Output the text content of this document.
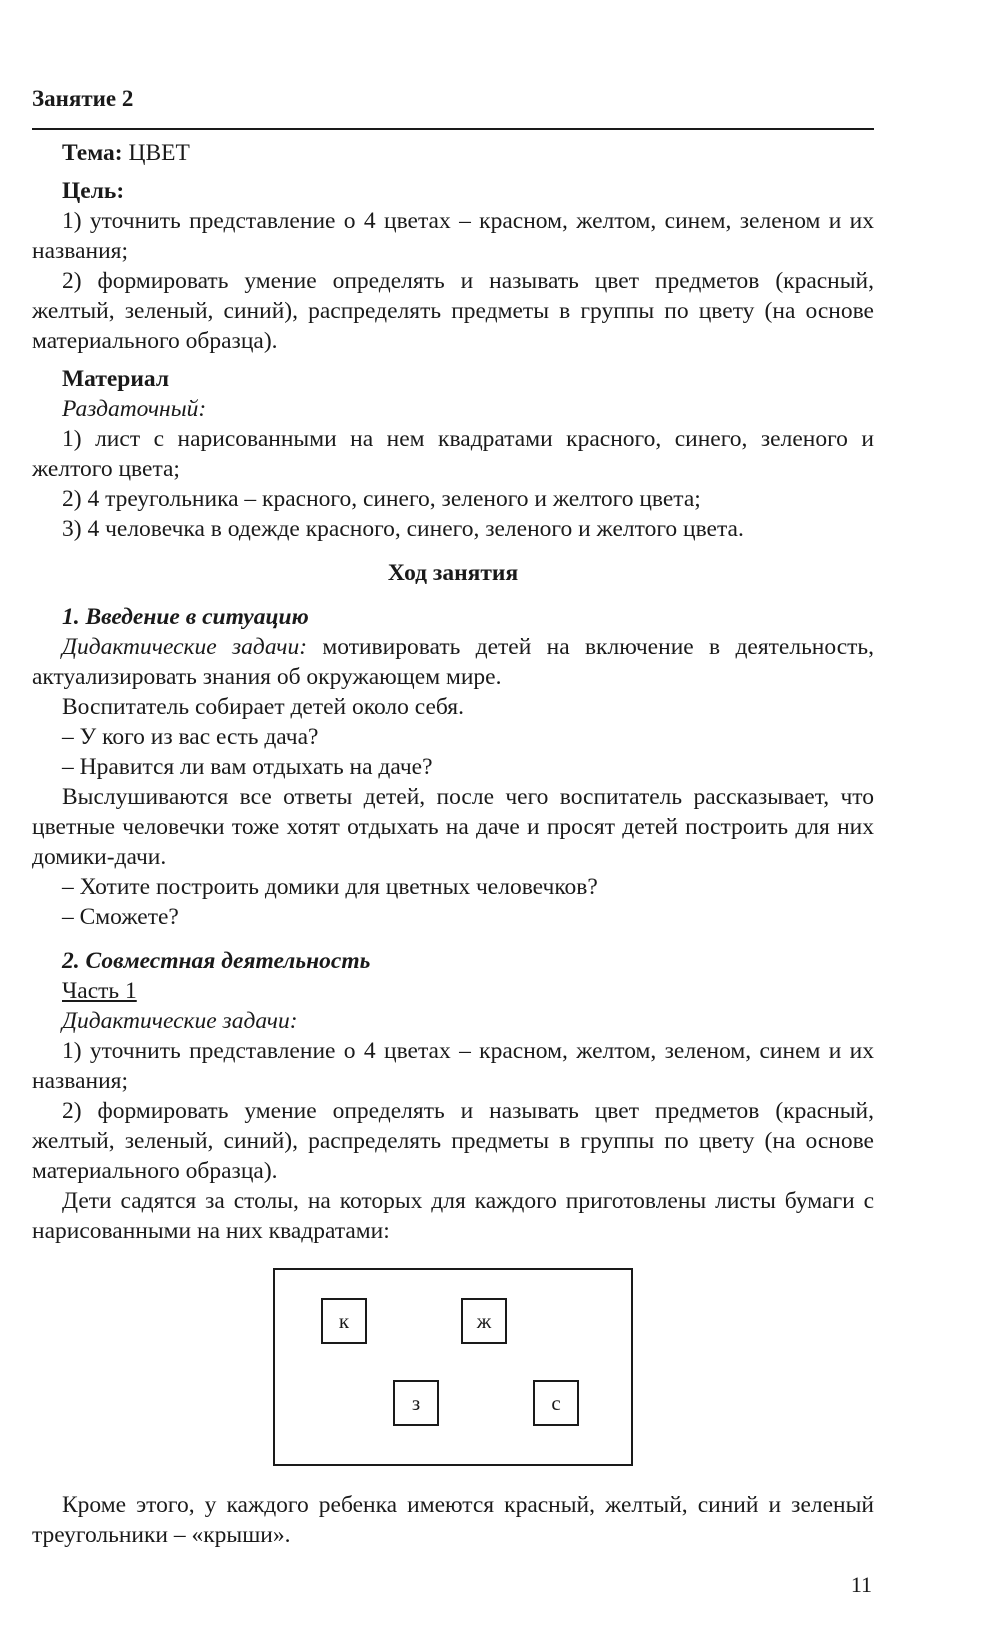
Занятие 2

Тема: ЦВЕТ

Цель:

1) уточнить представление о 4 цветах – красном, желтом, синем, зеленом и их названия;

2) формировать умение определять и называть цвет предметов (красный, желтый, зеленый, синий), распределять предметы в группы по цвету (на основе материального образца).

Материал

Раздаточный:

1) лист с нарисованными на нем квадратами красного, синего, зеленого и желтого цвета;

2) 4 треугольника – красного, синего, зеленого и желтого цвета;

3) 4 человечка в одежде красного, синего, зеленого и желтого цвета.

Ход занятия

1. Введение в ситуацию

Дидактические задачи: мотивировать детей на включение в деятельность, актуализировать знания об окружающем мире.

Воспитатель собирает детей около себя.

– У кого из вас есть дача?

– Нравится ли вам отдыхать на даче?

Выслушиваются все ответы детей, после чего воспитатель рассказывает, что цветные человечки тоже хотят отдыхать на даче и просят детей построить для них домики-дачи.

– Хотите построить домики для цветных человечков?

– Сможете?

2. Совместная деятельность

Часть 1

Дидактические задачи:

1) уточнить представление о 4 цветах – красном, желтом, зеленом, синем и их названия;

2) формировать умение определять и называть цвет предметов (красный, желтый, зеленый, синий), распределять предметы в группы по цвету (на основе материального образца).

Дети садятся за столы, на которых для каждого приготовлены листы бумаги с нарисованными на них квадратами:

к	ж
з	с

Кроме этого, у каждого ребенка имеются красный, желтый, синий и зеленый треугольники – «крыши».

11
